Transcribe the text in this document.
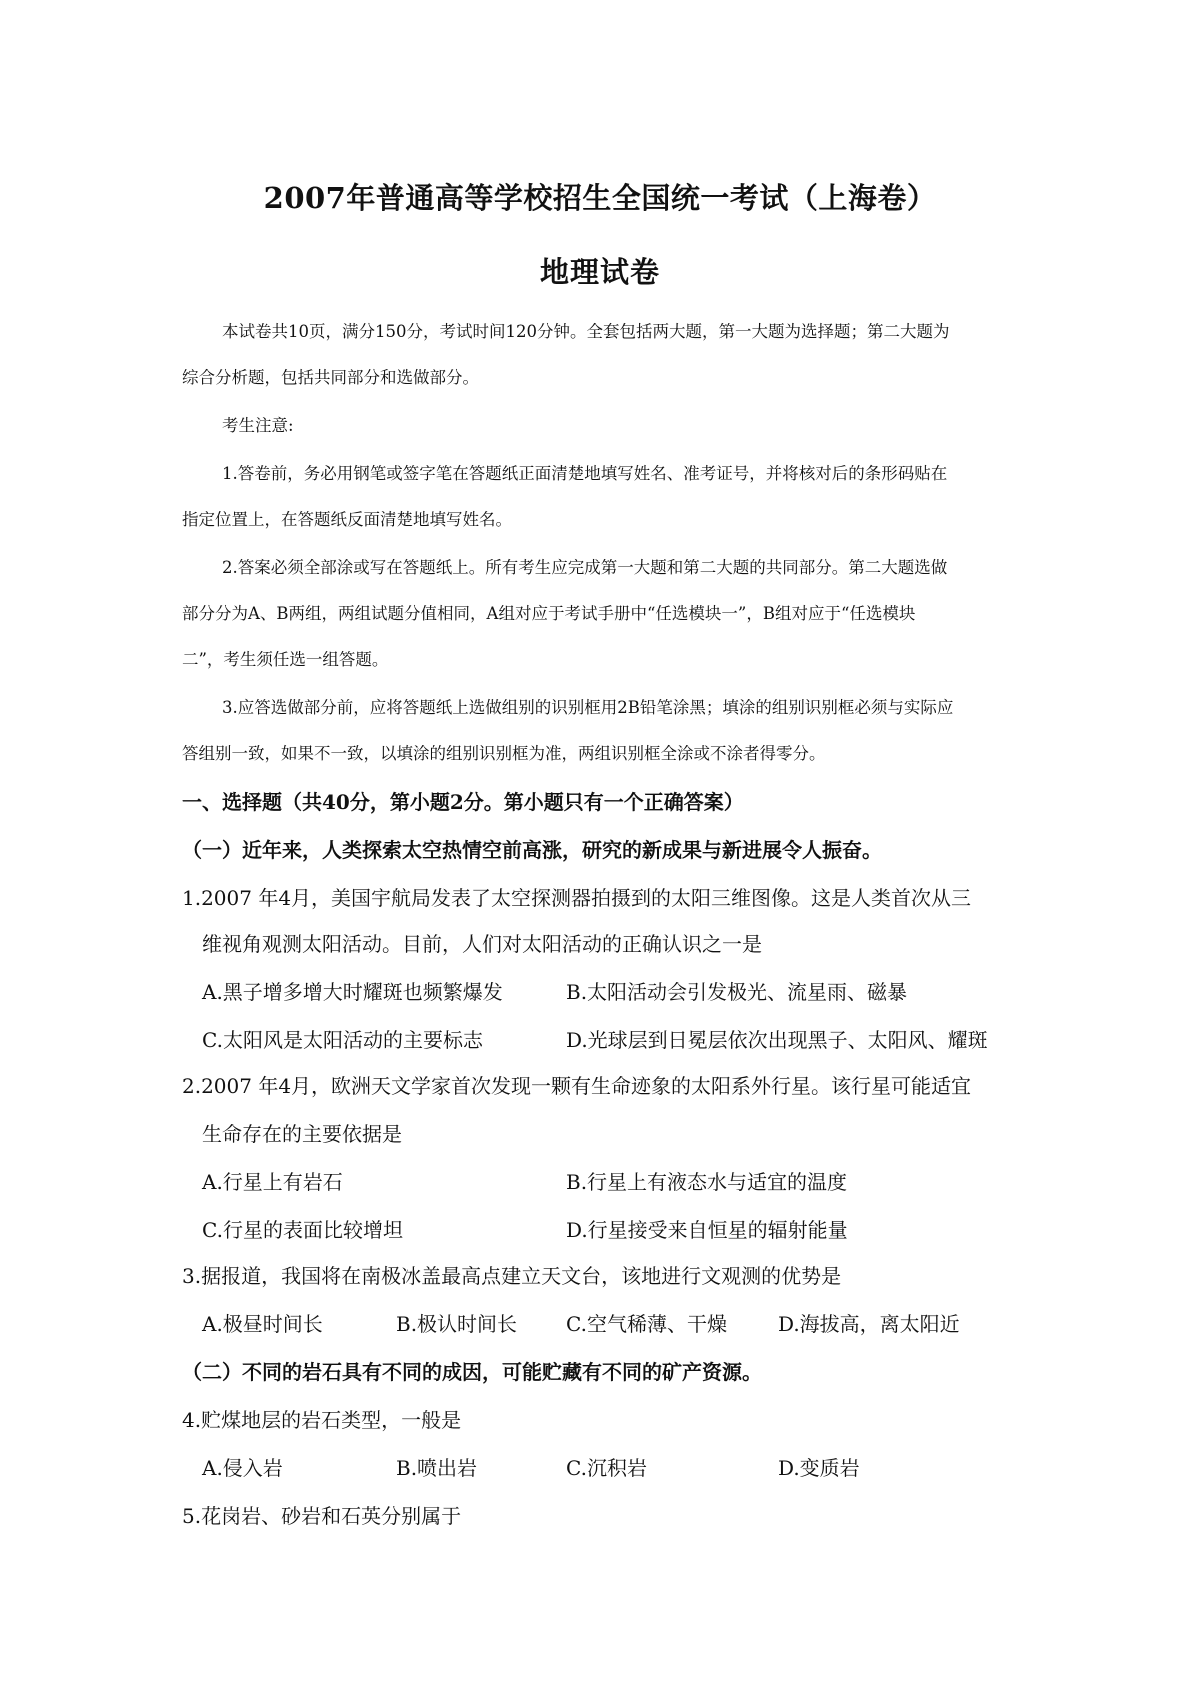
2007年普通高等学校招生全国统一考试（上海卷）
地理试卷

本试卷共10页，满分150分，考试时间120分钟。全套包括两大题，第一大题为选择题；第二大题为

综合分析题，包括共同部分和选做部分。

考生注意:

1.答卷前，务必用钢笔或签字笔在答题纸正面清楚地填写姓名、准考证号，并将核对后的条形码贴在

指定位置上，在答题纸反面清楚地填写姓名。

2.答案必须全部涂或写在答题纸上。所有考生应完成第一大题和第二大题的共同部分。第二大题选做

部分分为A、B两组，两组试题分值相同，A组对应于考试手册中“任选模块一”，B组对应于“任选模块

二”，考生须任选一组答题。

3.应答选做部分前，应将答题纸上选做组别的识别框用2B铅笔涂黑；填涂的组别识别框必须与实际应

答组别一致，如果不一致，以填涂的组别识别框为准，两组识别框全涂或不涂者得零分。

一、选择题（共40分，第小题2分。第小题只有一个正确答案）

（一）近年来，人类探索太空热情空前高涨，研究的新成果与新进展令人振奋。

1.2007 年4月，美国宇航局发表了太空探测器拍摄到的太阳三维图像。这是人类首次从三

维视角观测太阳活动。目前，人们对太阳活动的正确认识之一是

A.黑子增多增大时耀斑也频繁爆发	B.太阳活动会引发极光、流星雨、磁暴
C.太阳风是太阳活动的主要标志	D.光球层到日冕层依次出现黑子、太阳风、耀斑

2.2007 年4月，欧洲天文学家首次发现一颗有生命迹象的太阳系外行星。该行星可能适宜

生命存在的主要依据是

A.行星上有岩石	B.行星上有液态水与适宜的温度
C.行星的表面比较增坦	D.行星接受来自恒星的辐射能量

3.据报道，我国将在南极冰盖最高点建立天文台，该地进行文观测的优势是

A.极昼时间长	B.极认时间长 C.空气稀薄、干燥	D.海拔高，离太阳近

（二）不同的岩石具有不同的成因，可能贮藏有不同的矿产资源。

4.贮煤地层的岩石类型，一般是

A.侵入岩	B.喷出岩	C.沉积岩	D.变质岩

5.花岗岩、砂岩和石英分别属于
